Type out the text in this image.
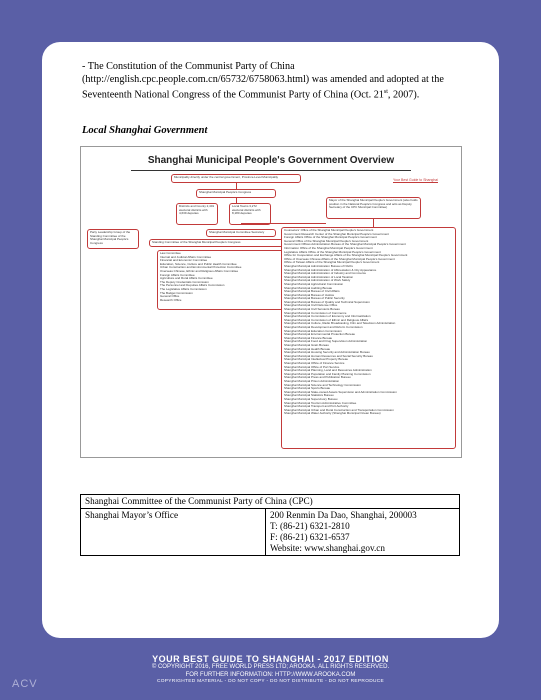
- The Constitution of the Communist Party of China
(http://english.cpc.people.com.cn/65732/6758063.html) was amended and adopted at the
Seventeenth National Congress of the Communist Party of China (Oct. 21st, 2007).
Local Shanghai Government
Shanghai Municipal People's Government Overview
Municipality directly under the central government, Province-Level Municipality
Shanghai Municipal People's Congress
Districts and County 2,401 electoral districts with 4,639 deputies
Local Towns 3,272 electoral districts with 8,180 deputies
Mayor of the Shanghai Municipal People's Government (also holds position in the National People's Congress and acts as Deputy Secretary of the CPC Municipal Committee)
Your Best Guide to Shanghai
Party Leadership Group of the Standing Committee of the Shanghai Municipal People's Congress
Shanghai Municipal Committee Secretary
Standing Committee of the Shanghai Municipal People's Congress
Law Committee
Internal and Judicial Affairs Committee
Financial and Economic Committee
Education, Science, Culture and Public Health Committee
Urban Construction and Environmental Protection Committee
Overseas Chinese, Ethnic and Religious Affairs Committee
Foreign Affairs Committee
Agriculture and Rural Affairs Committee
The Deputy Credentials Commission
The Personnel and Deputies Affairs Commission
The Legislative Affairs Commission
The Budget Commission
General Office
Research Office
Counselors' Office of the Shanghai Municipal People's Government
Government Research Center of the Shanghai Municipal People's Government
Foreign Affairs Office of the Shanghai Municipal People's Government
General Office of the Shanghai Municipal People's Government
Government Offices Administration Bureau of the Shanghai Municipal People's Government
Information Office of the Shanghai Municipal People's Government
Legislative Affairs Office of the Shanghai Municipal People's Government
Office for Cooperation and Exchange Affairs of the Shanghai Municipal People's Government
Office of Overseas Chinese Affairs of the Shanghai Municipal People's Government
Office of Taiwan Affairs of the Shanghai Municipal People's Government
Shanghai Municipal Administration Bureau of NGOs
Shanghai Municipal Administration of Afforestation & City Appearance
Shanghai Municipal Administration of Industry and Commerce
Shanghai Municipal Administration of Local Taxation
Shanghai Municipal Administration of Work Safety
Shanghai Municipal Agricultural Commission
Shanghai Municipal Auditing Bureau
Shanghai Municipal Bureau of Civil Affairs
Shanghai Municipal Bureau of Justice
Shanghai Municipal Bureau of Public Security
Shanghai Municipal Bureau of Quality and Technical Supervision
Shanghai Municipal Civil Defense Office
Shanghai Municipal Civil Servants Bureau
Shanghai Municipal Commission of Commerce
Shanghai Municipal Commission of Economy and Informatization
Shanghai Municipal Commission of Ethnic and Religious Affairs
Shanghai Municipal Culture, Radio Broadcasting, Film and Television Administration
Shanghai Municipal Development and Reform Commission
Shanghai Municipal Education Commission
Shanghai Municipal Environmental Protection Bureau
Shanghai Municipal Finance Bureau
Shanghai Municipal Food and Drug Supervision Administration
Shanghai Municipal Grain Bureau
Shanghai Municipal Health Bureau
Shanghai Municipal Housing Security and Administration Bureau
Shanghai Municipal Human Resources and Social Security Bureau
Shanghai Municipal Intellectual Property Bureau
Shanghai Municipal Office of Finance Service
Shanghai Municipal Office of Port Service
Shanghai Municipal Planning, Land and Resources Administration
Shanghai Municipal Population and Family Planning Commission
Shanghai Municipal Press and Publication Bureau
Shanghai Municipal Prison Administration
Shanghai Municipal Science and Technology Commission
Shanghai Municipal Sports Bureau
Shanghai Municipal State-owned Assets Supervision and Administration Commission
Shanghai Municipal Statistics Bureau
Shanghai Municipal Supervisory Bureau
Shanghai Municipal Tourism Administrative Committee
Shanghai Municipal Transport and Port Authority
Shanghai Municipal Urban and Rural Construction and Transportation Commission
Shanghai Municipal Water Authority (Shanghai Municipal Ocean Bureau)
Shanghai Committee of the Communist Party of China (CPC)
Shanghai Mayor’s Office	200 Renmin Da Dao, Shanghai, 200003
T: (86-21) 6321-2810
F: (86-21) 6321-6537
Website: www.shanghai.gov.cn
YOUR BEST GUIDE TO SHANGHAI - 2017 EDITION
© COPYRIGHT 2016, FREE WORLD PRESS LTD; AROOKA. ALL RIGHTS RESERVED.
FOR FURTHER INFORMATION: HTTP://WWW.AROOKA.COM
COPYRIGHTED MATERIAL - DO NOT COPY - DO NOT DISTRIBUTE - DO NOT REPRODUCE
ACV
